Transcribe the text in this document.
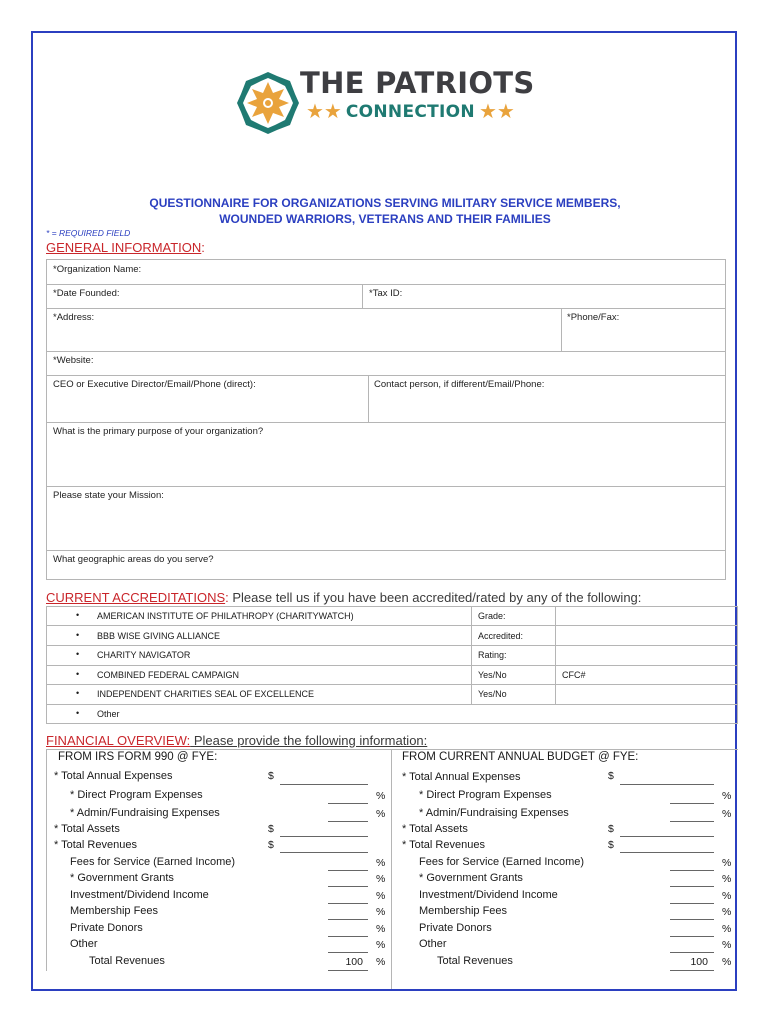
THE PATRIOTS
★★ CONNECTION ★★
QUESTIONNAIRE FOR ORGANIZATIONS SERVING MILITARY SERVICE MEMBERS,
WOUNDED WARRIORS, VETERANS AND THEIR FAMILIES
* = REQUIRED FIELD
GENERAL INFORMATION:
*Organization Name:
*Date Founded:	*Tax ID:
*Address:	*Phone/Fax:
*Website:
CEO or Executive Director/Email/Phone (direct):	Contact person, if different/Email/Phone:
What is the primary purpose of your organization?
Please state your Mission:
What geographic areas do you serve?
CURRENT ACCREDITATIONS: Please tell us if you have been accredited/rated by any of the following:
• AMERICAN INSTITUTE OF PHILATHROPY (CHARITYWATCH)	Grade:
• BBB WISE GIVING ALLIANCE	Accredited:
• CHARITY NAVIGATOR	Rating:
• COMBINED FEDERAL CAMPAIGN	Yes/No	CFC#
• INDEPENDENT CHARITIES SEAL OF EXCELLENCE	Yes/No
• Other
FINANCIAL OVERVIEW: Please provide the following information:
FROM IRS FORM 990 @ FYE:	FROM CURRENT ANNUAL BUDGET @ FYE:
* Total Annual Expenses	$
* Direct Program Expenses	%
* Admin/Fundraising Expenses	%
* Total Assets	$
* Total Revenues	$
Fees for Service (Earned Income)	%
* Government Grants	%
Investment/Dividend Income	%
Membership Fees	%
Private Donors	%
Other	%
Total Revenues	100 %
* Total Annual Expenses	$
* Direct Program Expenses	%
* Admin/Fundraising Expenses	%
* Total Assets	$
* Total Revenues	$
Fees for Service (Earned Income)	%
* Government Grants	%
Investment/Dividend Income	%
Membership Fees	%
Private Donors	%
Other	%
Total Revenues	100 %
